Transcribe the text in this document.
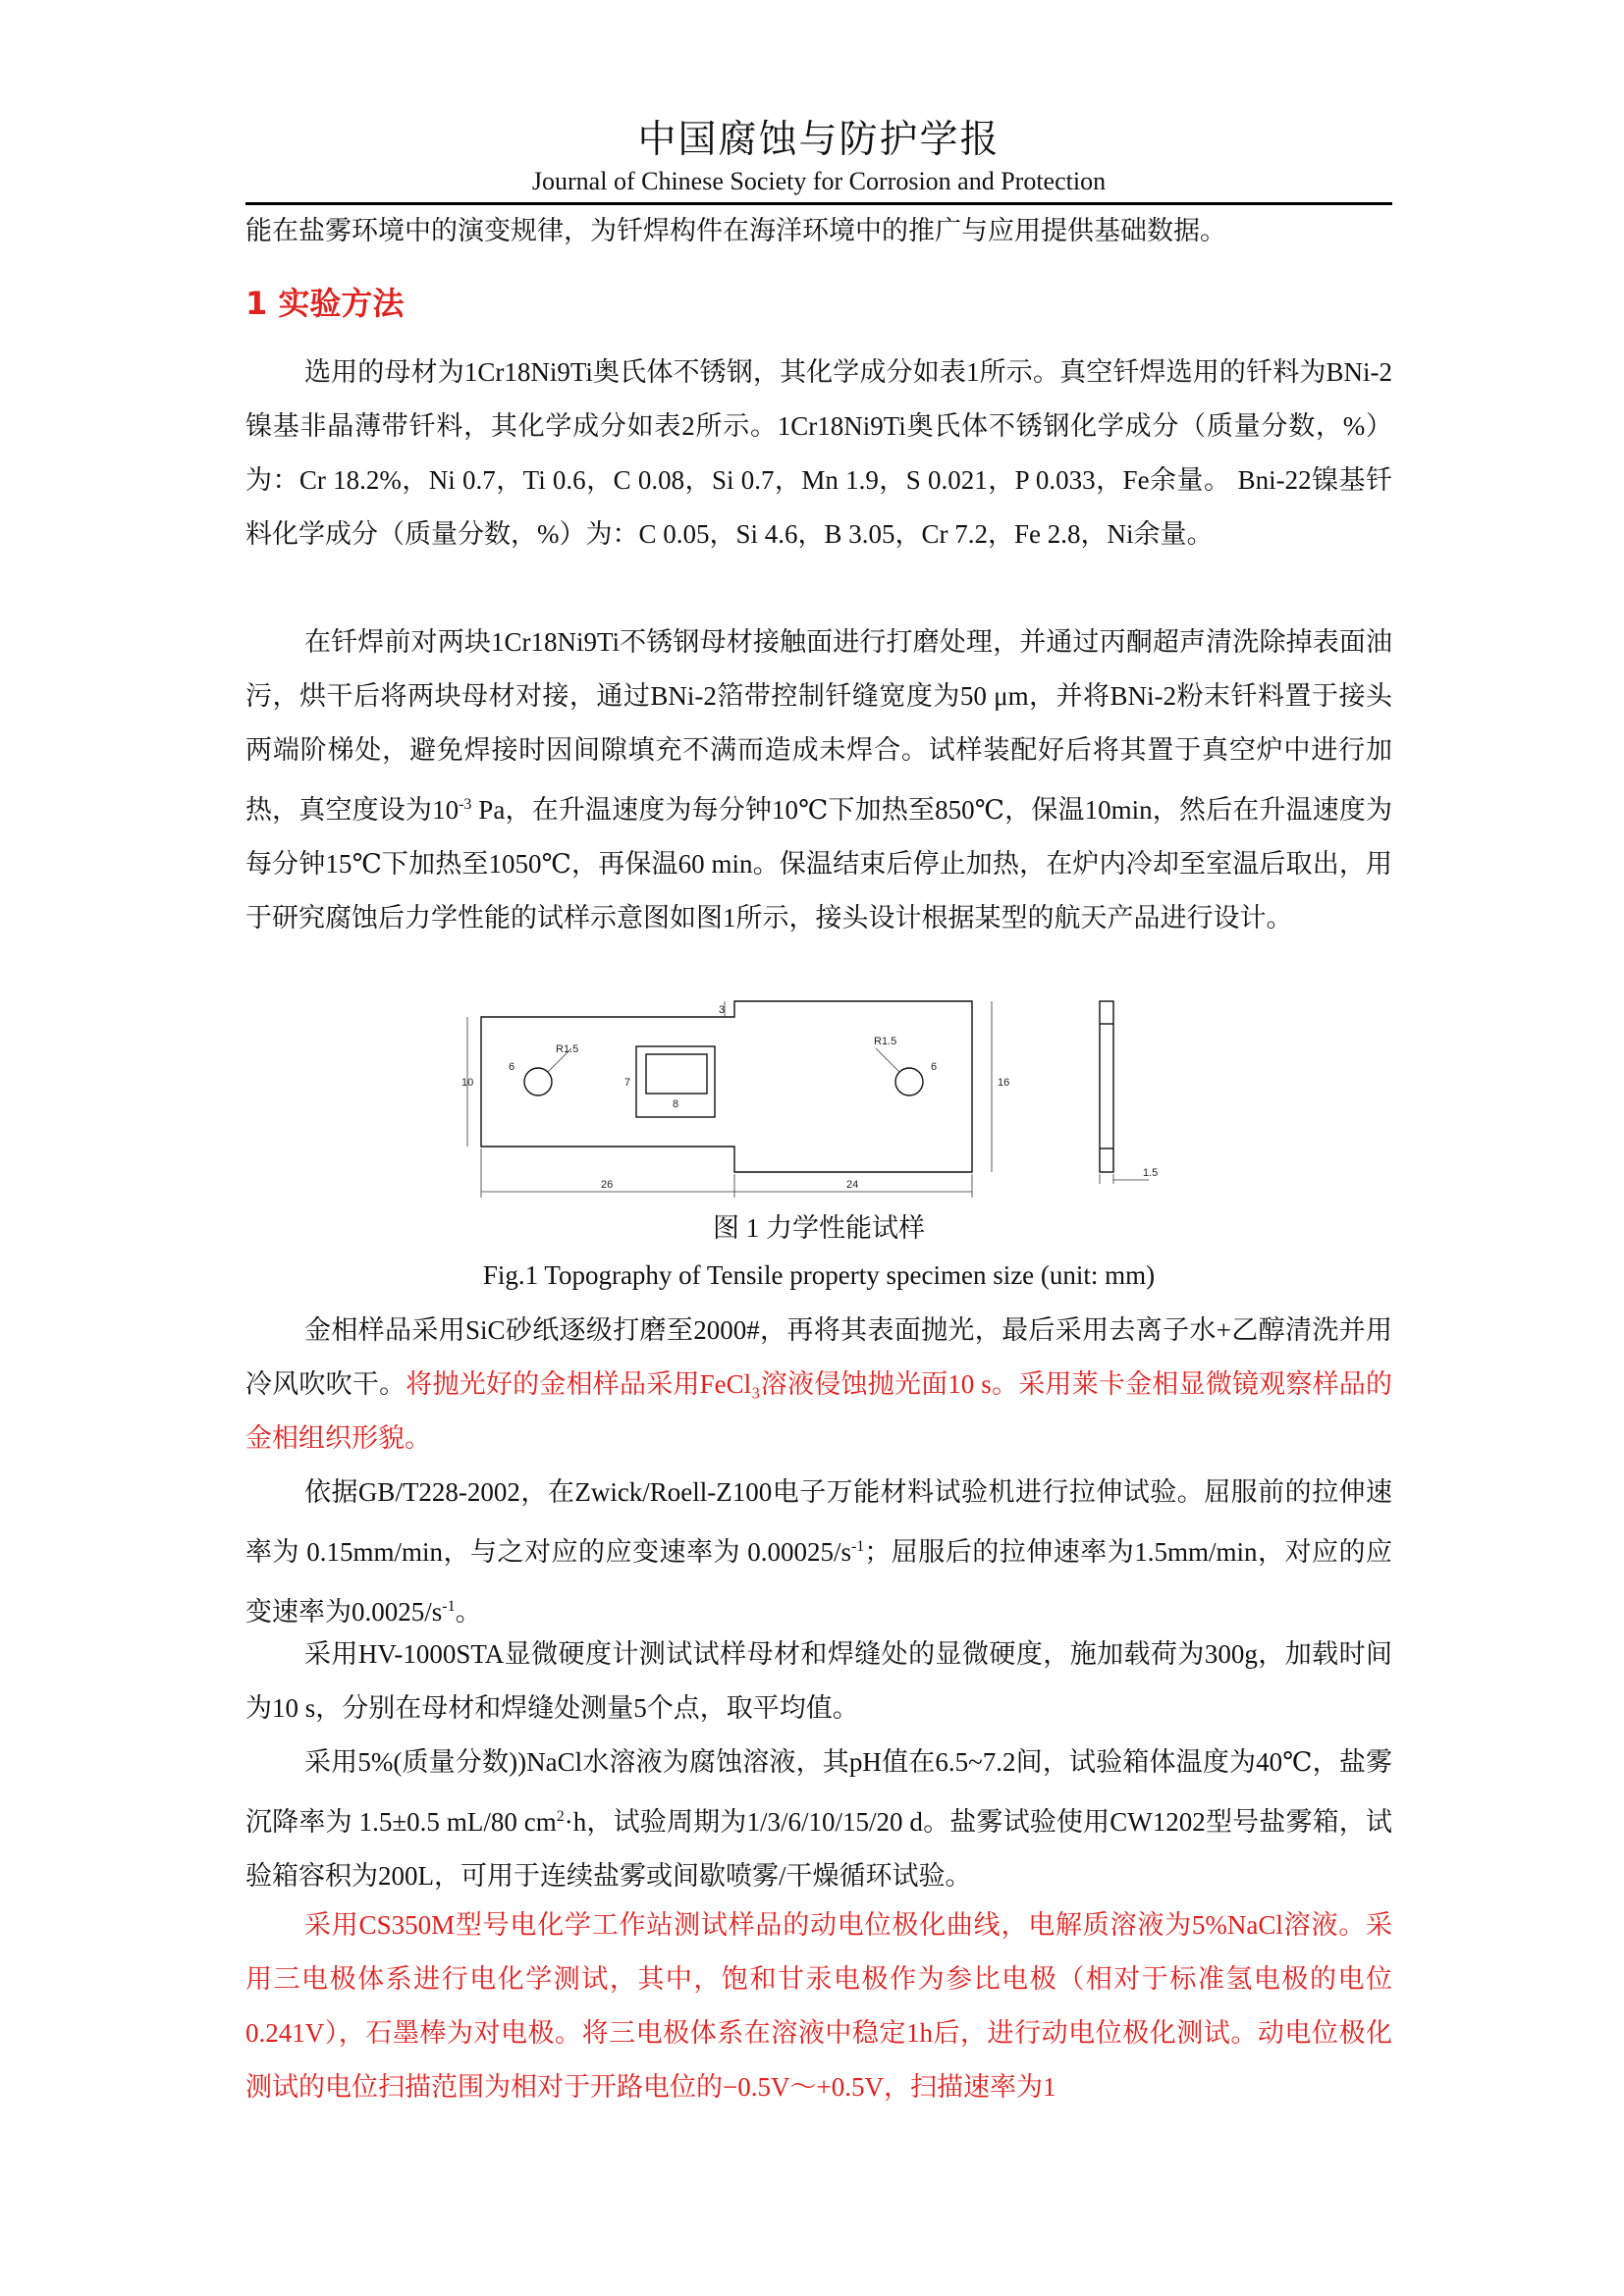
中国腐蚀与防护学报
Journal of Chinese Society for Corrosion and Protection

能在盐雾环境中的演变规律，为钎焊构件在海洋环境中的推广与应用提供基础数据。

1 实验方法

选用的母材为1Cr18Ni9Ti奥氏体不锈钢，其化学成分如表1所示。真空钎焊选用的钎料为BNi-2镍基非晶薄带钎料，其化学成分如表2所示。1Cr18Ni9Ti奥氏体不锈钢化学成分（质量分数，%）为：Cr 18.2%，Ni 0.7，Ti 0.6，C 0.08，Si 0.7，Mn 1.9，S 0.021，P 0.033，Fe余量。 Bni-22镍基钎料化学成分（质量分数，%）为：C 0.05，Si 4.6，B 3.05，Cr 7.2，Fe 2.8，Ni余量。

在钎焊前对两块1Cr18Ni9Ti不锈钢母材接触面进行打磨处理，并通过丙酮超声清洗除掉表面油污，烘干后将两块母材对接，通过BNi-2箔带控制钎缝宽度为50 μm，并将BNi-2粉末钎料置于接头两端阶梯处，避免焊接时因间隙填充不满而造成未焊合。试样装配好后将其置于真空炉中进行加热，真空度设为$10^{-3}$ Pa，在升温速度为每分钟10℃下加热至850℃，保温10min，然后在升温速度为每分钟15℃下加热至1050℃，再保温60 min。保温结束后停止加热，在炉内冷却至室温后取出，用于研究腐蚀后力学性能的试样示意图如图1所示，接头设计根据某型的航天产品进行设计。

10
6
R1.5
7
8
3
R1.5
6
16
26	24
1.5
图 1 力学性能试样
Fig.1 Topography of Tensile property specimen size (unit: mm)

金相样品采用SiC砂纸逐级打磨至2000#，再将其表面抛光，最后采用去离子水+乙醇清洗并用冷风吹吹干。将抛光好的金相样品采用FeCl₃溶液侵蚀抛光面10 s。采用莱卡金相显微镜观察样品的金相组织形貌。

依据GB/T228-2002，在Zwick/Roell-Z100电子万能材料试验机进行拉伸试验。屈服前的拉伸速率为 0.15mm/min，与之对应的应变速率为 $0.00025/s^{-1}$；屈服后的拉伸速率为1.5mm/min，对应的应变速率为$0.0025/s^{-1}$。

采用HV-1000STA显微硬度计测试试样母材和焊缝处的显微硬度，施加载荷为300g，加载时间为10 s，分别在母材和焊缝处测量5个点，取平均值。

采用5%(质量分数))NaCl水溶液为腐蚀溶液，其pH值在6.5~7.2间，试验箱体温度为40℃，盐雾沉降率为 1.5±0.5 mL/80 $cm^2\cdot h$，试验周期为1/3/6/10/15/20 d。盐雾试验使用CW1202型号盐雾箱，试验箱容积为200L，可用于连续盐雾或间歇喷雾/干燥循环试验。

采用CS350M型号电化学工作站测试样品的动电位极化曲线，电解质溶液为5%NaCl溶液。采用三电极体系进行电化学测试，其中，饱和甘汞电极作为参比电极（相对于标准氢电极的电位0.241V），石墨棒为对电极。将三电极体系在溶液中稳定1h后，进行动电位极化测试。动电位极化测试的电位扫描范围为相对于开路电位的−0.5V～+0.5V，扫描速率为1
